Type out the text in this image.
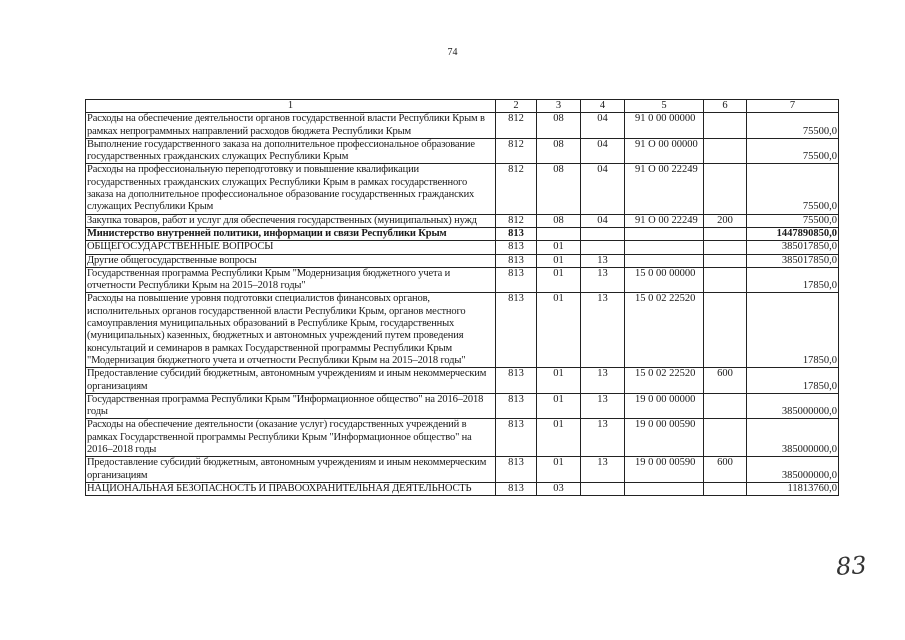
74
1	2	3	4	5	6	7
Расходы на обеспечение деятельности органов государственной власти Республики Крым в рамках непрограммных направлений расходов бюджета Республики Крым	812	08	04	91 0 00 00000		75500,0
Выполнение государственного заказа на дополнительное профессиональное образование государственных гражданских служащих Республики Крым	812	08	04	91 О 00 00000		75500,0
Расходы на профессиональную переподготовку и повышение квалификации государственных гражданских служащих Республики Крым в рамках государственного заказа на дополнительное профессиональное образование государственных гражданских служащих Республики Крым	812	08	04	91 О 00 22249		75500,0
Закупка товаров, работ и услуг для обеспечения государственных (муниципальных) нужд	812	08	04	91 О 00 22249	200	75500,0
Министерство внутренней политики, информации и связи Республики Крым	813					1447890850,0
ОБЩЕГОСУДАРСТВЕННЫЕ ВОПРОСЫ	813	01				385017850,0
Другие общегосударственные вопросы	813	01	13			385017850,0
Государственная программа Республики Крым "Модернизация бюджетного учета и отчетности Республики Крым на 2015–2018 годы"	813	01	13	15 0 00 00000		17850,0
Расходы на повышение уровня подготовки специалистов финансовых органов, исполнительных органов государственной власти Республики Крым, органов местного самоуправления муниципальных образований в Республике Крым, государственных (муниципальных) казенных, бюджетных и автономных учреждений путем проведения консультаций и семинаров в рамках Государственной программы Республики Крым "Модернизация бюджетного учета и отчетности Республики Крым на 2015–2018 годы"	813	01	13	15 0 02 22520		17850,0
Предоставление субсидий бюджетным, автономным учреждениям и иным некоммерческим организациям	813	01	13	15 0 02 22520	600	17850,0
Государственная программа Республики Крым "Информационное общество" на 2016–2018 годы	813	01	13	19 0 00 00000		385000000,0
Расходы на обеспечение деятельности (оказание услуг) государственных учреждений в рамках Государственной программы Республики Крым "Информационное общество" на 2016–2018 годы	813	01	13	19 0 00 00590		385000000,0
Предоставление субсидий бюджетным, автономным учреждениям и иным некоммерческим организациям	813	01	13	19 0 00 00590	600	385000000,0
НАЦИОНАЛЬНАЯ БЕЗОПАСНОСТЬ И ПРАВООХРАНИТЕЛЬНАЯ ДЕЯТЕЛЬНОСТЬ	813	03				11813760,0
83
